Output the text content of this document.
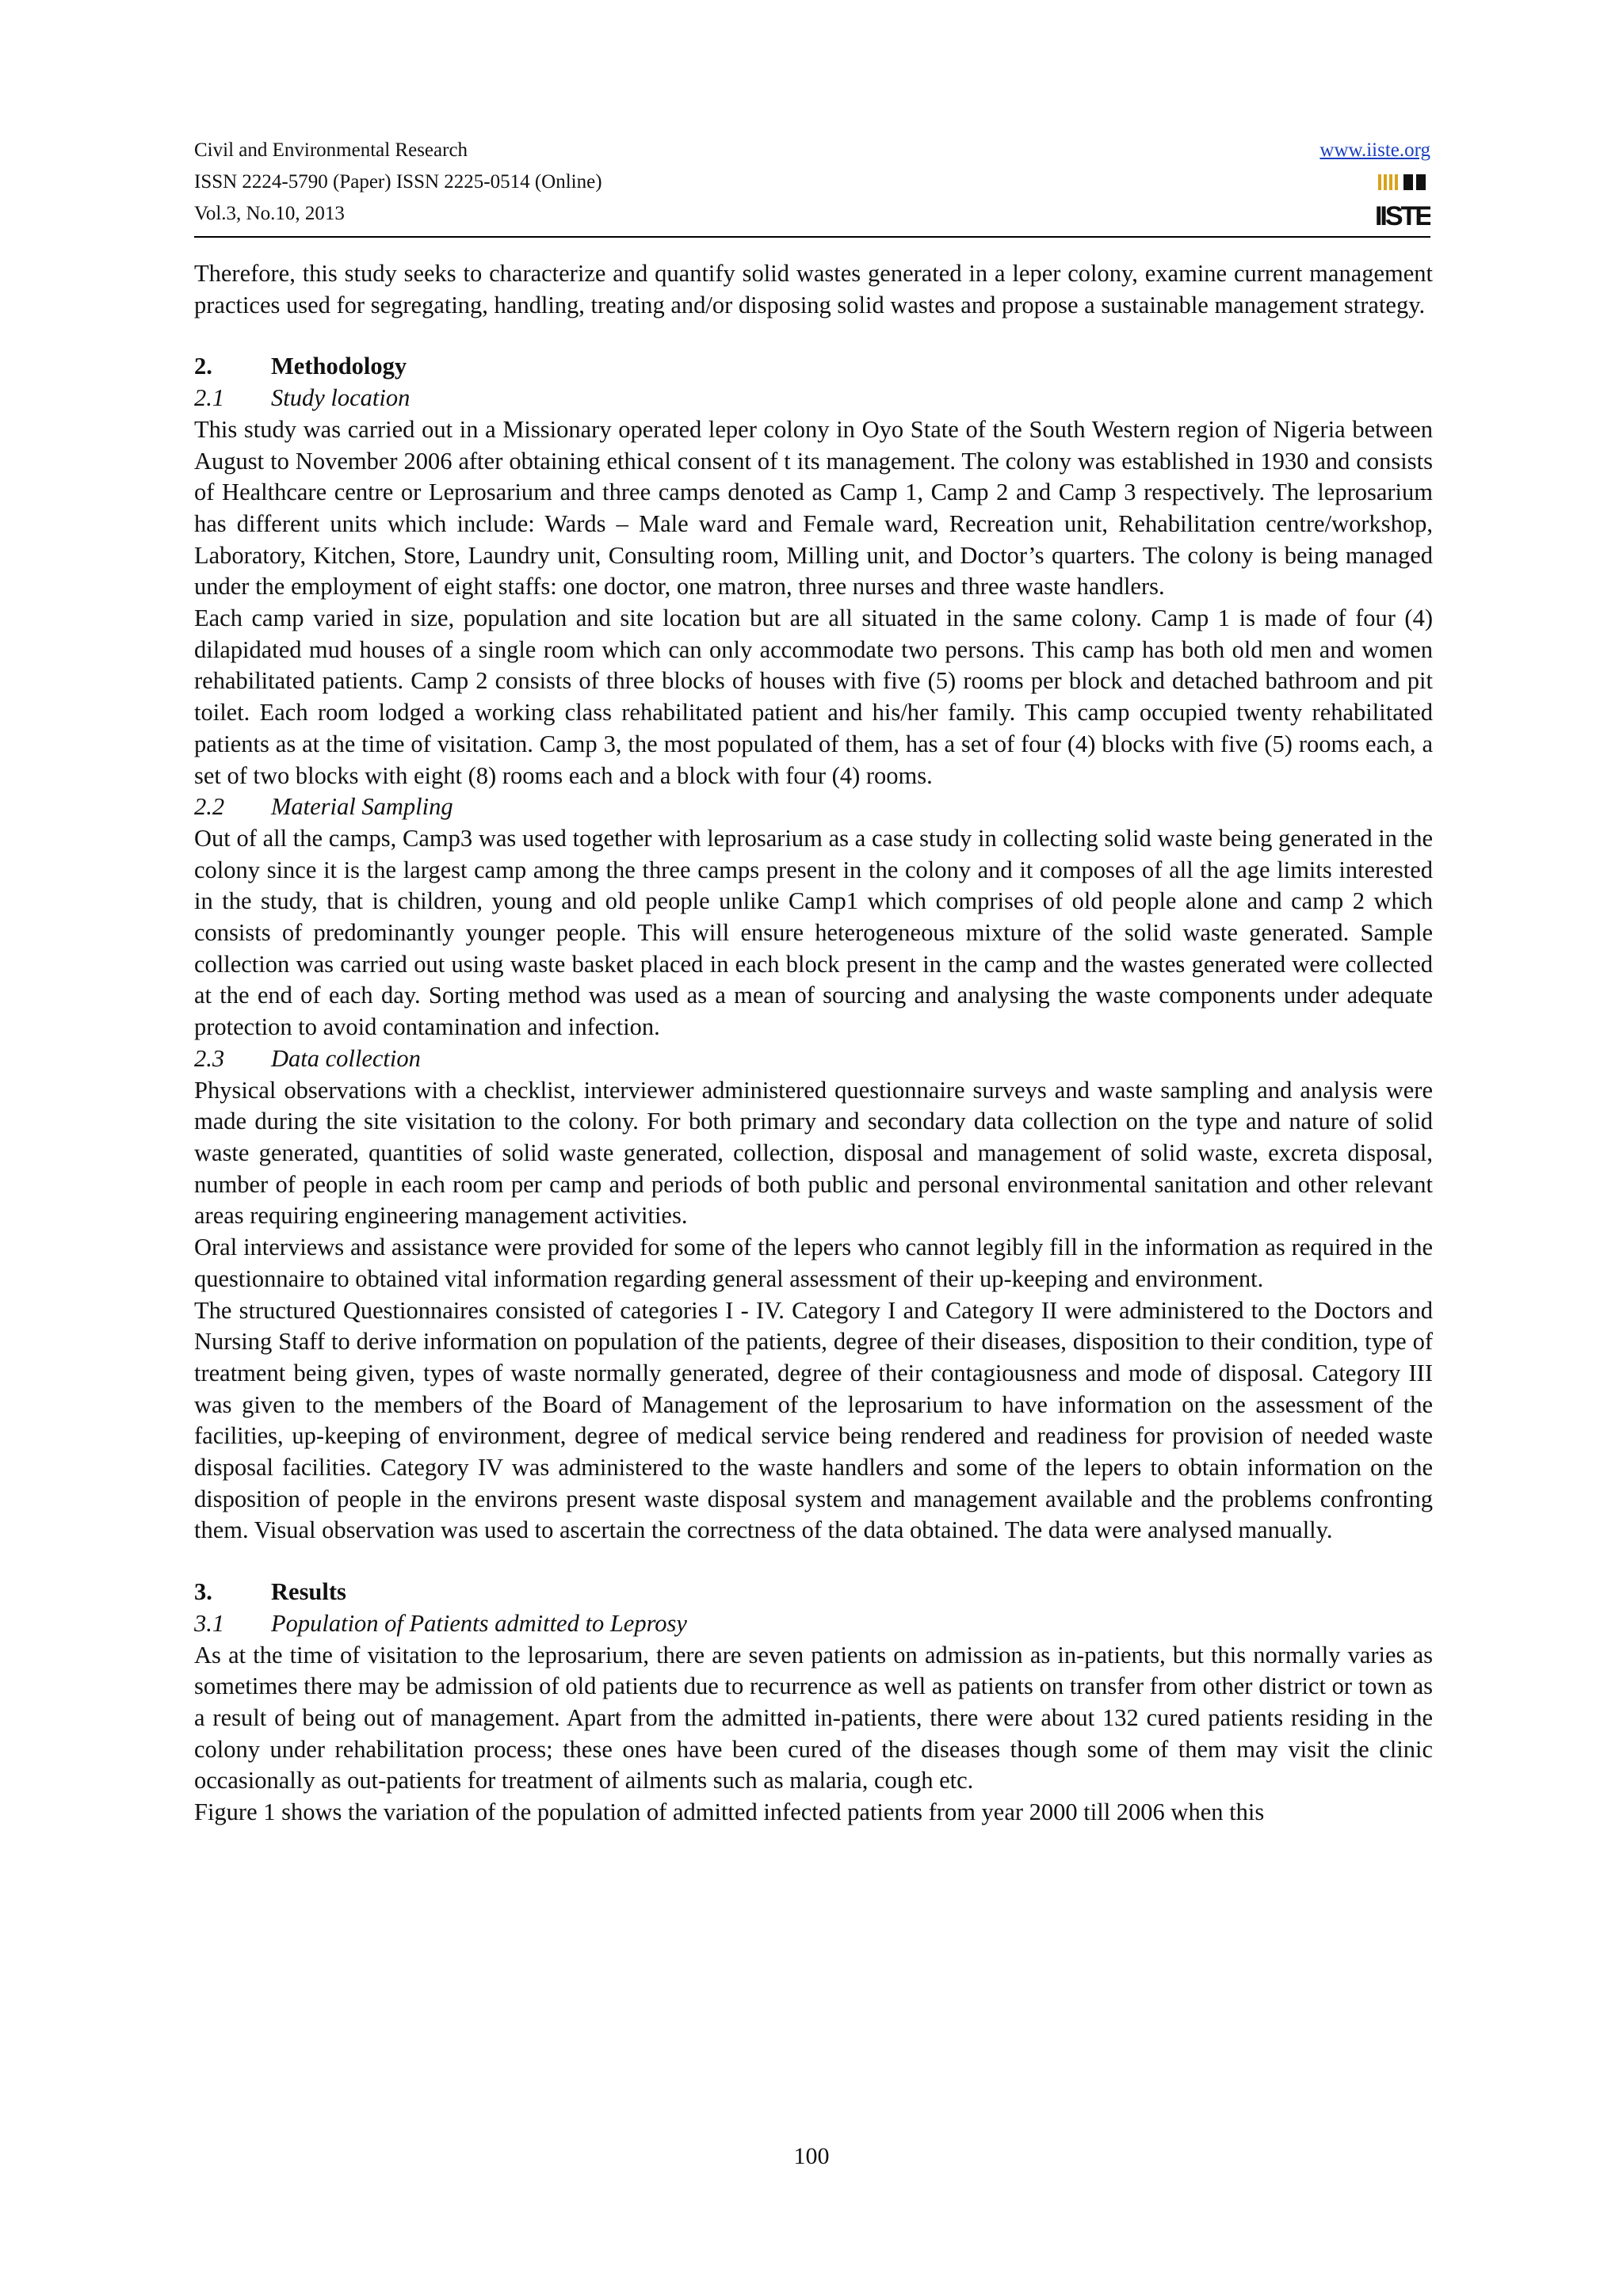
Civil and Environmental Research
ISSN 2224-5790 (Paper) ISSN 2225-0514 (Online)
Vol.3, No.10, 2013
www.iiste.org
IISTE

Therefore, this study seeks to characterize and quantify solid wastes generated in a leper colony, examine current management practices used for segregating, handling, treating and/or disposing solid wastes and propose a sustainable management strategy.

2. Methodology

2.1 Study location

This study was carried out in a Missionary operated leper colony in Oyo State of the South Western region of Nigeria between August to November 2006 after obtaining ethical consent of t its management. The colony was established in 1930 and consists of Healthcare centre or Leprosarium and three camps denoted as Camp 1, Camp 2 and Camp 3 respectively. The leprosarium has different units which include: Wards – Male ward and Female ward, Recreation unit, Rehabilitation centre/workshop, Laboratory, Kitchen, Store, Laundry unit, Consulting room, Milling unit, and Doctor’s quarters. The colony is being managed under the employment of eight staffs: one doctor, one matron, three nurses and three waste handlers.

Each camp varied in size, population and site location but are all situated in the same colony. Camp 1 is made of four (4) dilapidated mud houses of a single room which can only accommodate two persons. This camp has both old men and women rehabilitated patients. Camp 2 consists of three blocks of houses with five (5) rooms per block and detached bathroom and pit toilet. Each room lodged a working class rehabilitated patient and his/her family. This camp occupied twenty rehabilitated patients as at the time of visitation. Camp 3, the most populated of them, has a set of four (4) blocks with five (5) rooms each, a set of two blocks with eight (8) rooms each and a block with four (4) rooms.

2.2 Material Sampling

Out of all the camps, Camp3 was used together with leprosarium as a case study in collecting solid waste being generated in the colony since it is the largest camp among the three camps present in the colony and it composes of all the age limits interested in the study, that is children, young and old people unlike Camp1 which comprises of old people alone and camp 2 which consists of predominantly younger people. This will ensure heterogeneous mixture of the solid waste generated. Sample collection was carried out using waste basket placed in each block present in the camp and the wastes generated were collected at the end of each day. Sorting method was used as a mean of sourcing and analysing the waste components under adequate protection to avoid contamination and infection.

2.3 Data collection

Physical observations with a checklist, interviewer administered questionnaire surveys and waste sampling and analysis were made during the site visitation to the colony. For both primary and secondary data collection on the type and nature of solid waste generated, quantities of solid waste generated, collection, disposal and management of solid waste, excreta disposal, number of people in each room per camp and periods of both public and personal environmental sanitation and other relevant areas requiring engineering management activities.

Oral interviews and assistance were provided for some of the lepers who cannot legibly fill in the information as required in the questionnaire to obtained vital information regarding general assessment of their up-keeping and environment.

The structured Questionnaires consisted of categories I - IV. Category I and Category II were administered to the Doctors and Nursing Staff to derive information on population of the patients, degree of their diseases, disposition to their condition, type of treatment being given, types of waste normally generated, degree of their contagiousness and mode of disposal. Category III was given to the members of the Board of Management of the leprosarium to have information on the assessment of the facilities, up-keeping of environment, degree of medical service being rendered and readiness for provision of needed waste disposal facilities. Category IV was administered to the waste handlers and some of the lepers to obtain information on the disposition of people in the environs present waste disposal system and management available and the problems confronting them. Visual observation was used to ascertain the correctness of the data obtained. The data were analysed manually.

3. Results

3.1 Population of Patients admitted to Leprosy

As at the time of visitation to the leprosarium, there are seven patients on admission as in-patients, but this normally varies as sometimes there may be admission of old patients due to recurrence as well as patients on transfer from other district or town as a result of being out of management. Apart from the admitted in-patients, there were about 132 cured patients residing in the colony under rehabilitation process; these ones have been cured of the diseases though some of them may visit the clinic occasionally as out-patients for treatment of ailments such as malaria, cough etc.

Figure 1 shows the variation of the population of admitted infected patients from year 2000 till 2006 when this

100
